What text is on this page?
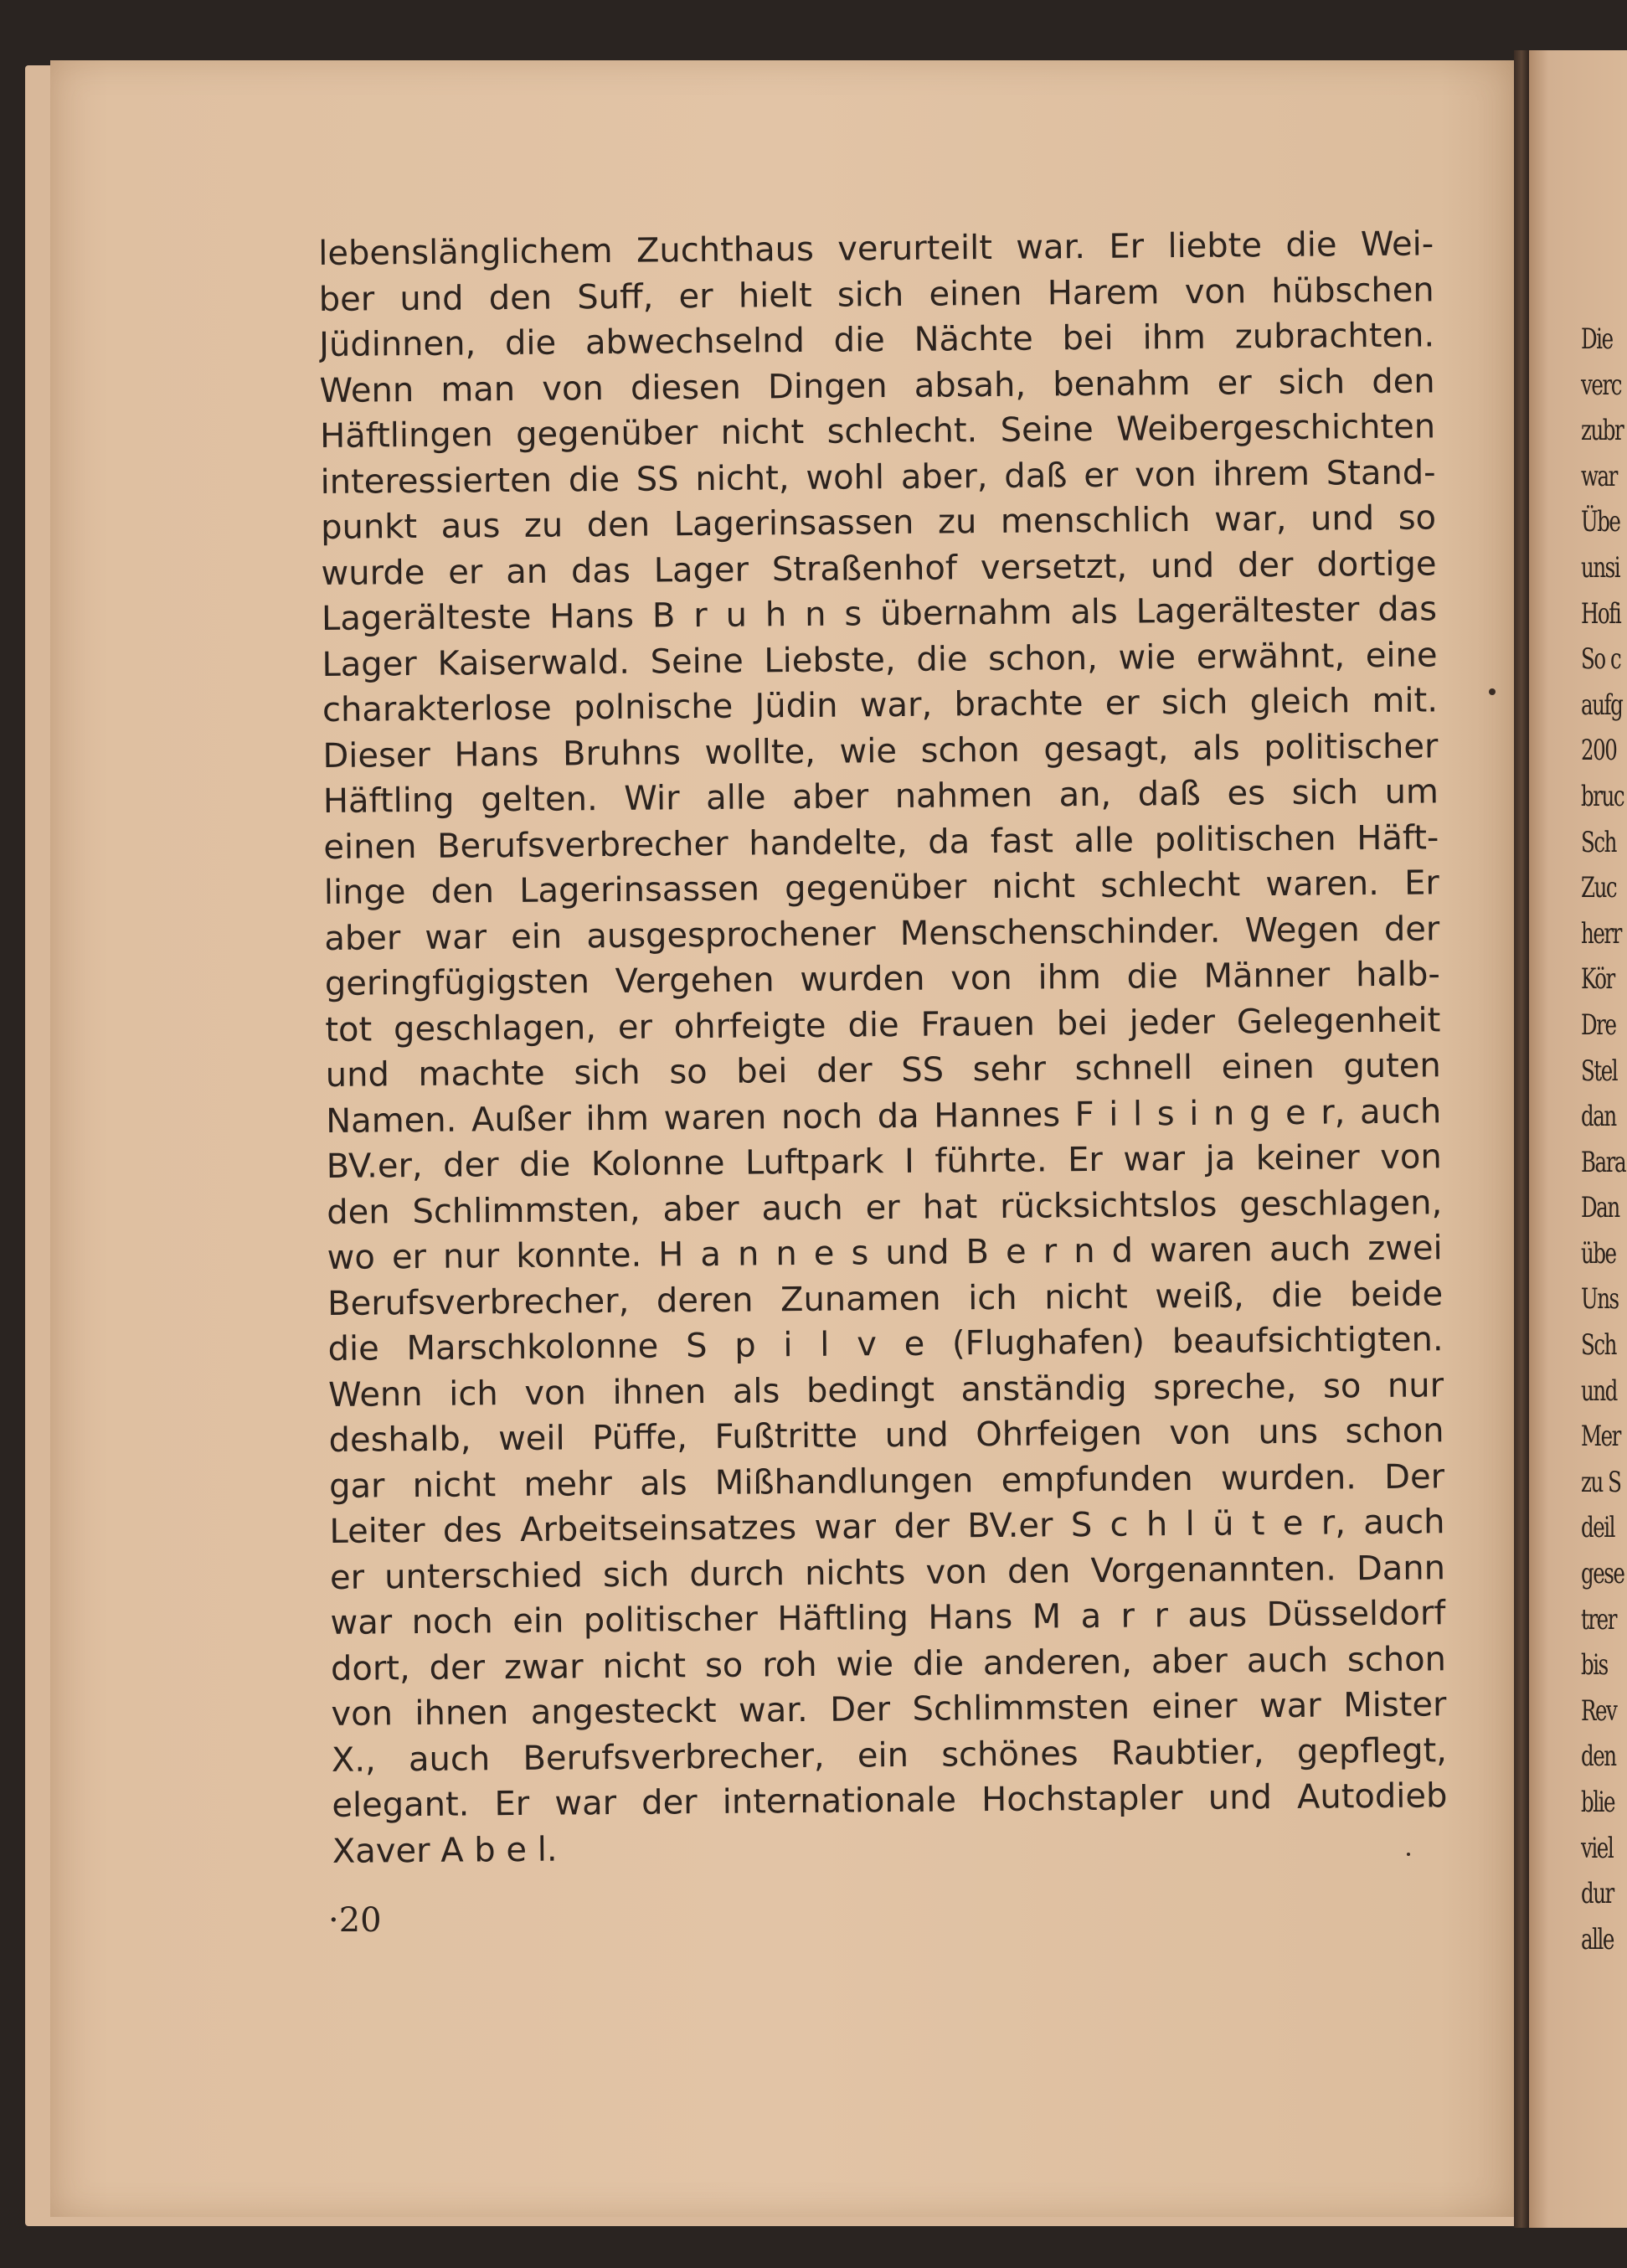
Die
verc
zubr
war
Übe
unsi
Hofi
So c
aufg
200
bruc
Sch
Zuc
herr
Kör
Dre
Stel
dan
Bara
Dan
übe
Uns
Sch
und
Mer
zu S
deil
gese
trer
bis
Rev
den
blie
viel
dur
alle
lebenslänglichem Zuchthaus verurteilt war. Er liebte die Wei-
ber und den Suff, er hielt sich einen Harem von hübschen
Jüdinnen, die abwechselnd die Nächte bei ihm zubrachten.
Wenn man von diesen Dingen absah, benahm er sich den
Häftlingen gegenüber nicht schlecht. Seine Weibergeschichten
interessierten die SS nicht, wohl aber, daß er von ihrem Stand-
punkt aus zu den Lagerinsassen zu menschlich war, und so
wurde er an das Lager Straßenhof versetzt, und der dortige
Lagerälteste Hans B r u h n s übernahm als Lagerältester das
Lager Kaiserwald. Seine Liebste, die schon, wie erwähnt, eine
charakterlose polnische Jüdin war, brachte er sich gleich mit.
Dieser Hans Bruhns wollte, wie schon gesagt, als politischer
Häftling gelten. Wir alle aber nahmen an, daß es sich um
einen Berufsverbrecher handelte, da fast alle politischen Häft-
linge den Lagerinsassen gegenüber nicht schlecht waren. Er
aber war ein ausgesprochener Menschenschinder. Wegen der
geringfügigsten Vergehen wurden von ihm die Männer halb-
tot geschlagen, er ohrfeigte die Frauen bei jeder Gelegenheit
und machte sich so bei der SS sehr schnell einen guten
Namen. Außer ihm waren noch da Hannes F i l s i n g e r, auch
BV.er, der die Kolonne Luftpark I führte. Er war ja keiner von
den Schlimmsten, aber auch er hat rücksichtslos geschlagen,
wo er nur konnte. H a n n e s und B e r n d waren auch zwei
Berufsverbrecher, deren Zunamen ich nicht weiß, die beide
die Marschkolonne S p i l v e (Flughafen) beaufsichtigten.
Wenn ich von ihnen als bedingt anständig spreche, so nur
deshalb, weil Püffe, Fußtritte und Ohrfeigen von uns schon
gar nicht mehr als Mißhandlungen empfunden wurden. Der
Leiter des Arbeitseinsatzes war der BV.er S c h l ü t e r, auch
er unterschied sich durch nichts von den Vorgenannten. Dann
war noch ein politischer Häftling Hans M a r r aus Düsseldorf
dort, der zwar nicht so roh wie die anderen, aber auch schon
von ihnen angesteckt war. Der Schlimmsten einer war Mister
X., auch Berufsverbrecher, ein schönes Raubtier, gepflegt,
elegant. Er war der internationale Hochstapler und Autodieb
Xaver A b e l.
·20
